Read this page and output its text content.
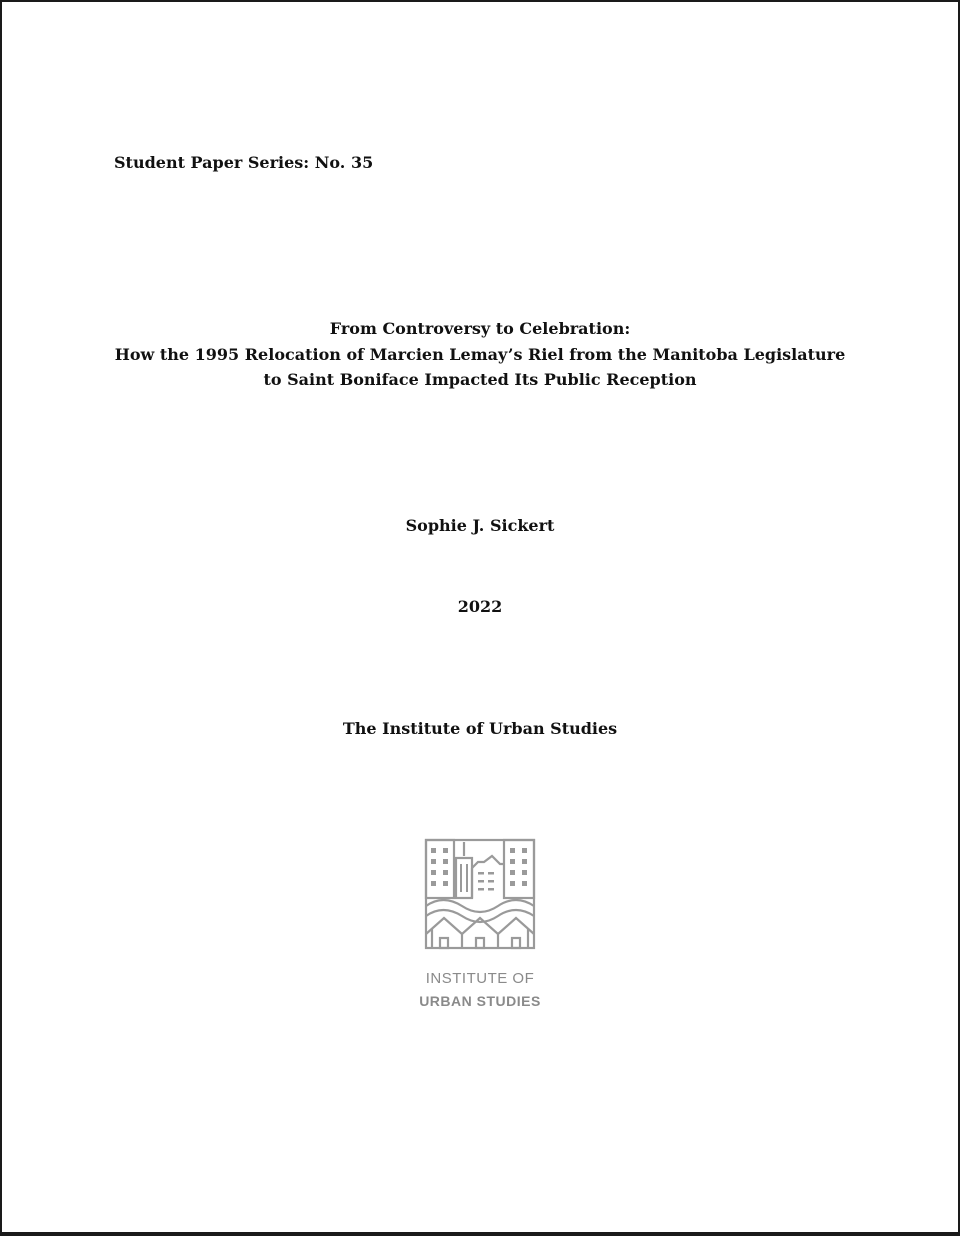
Student Paper Series: No. 35
From Controversy to Celebration:
How the 1995 Relocation of Marcien Lemay’s Riel from the Manitoba Legislature
to Saint Boniface Impacted Its Public Reception
Sophie J. Sickert
2022
The Institute of Urban Studies
INSTITUTE OF
URBAN STUDIES
